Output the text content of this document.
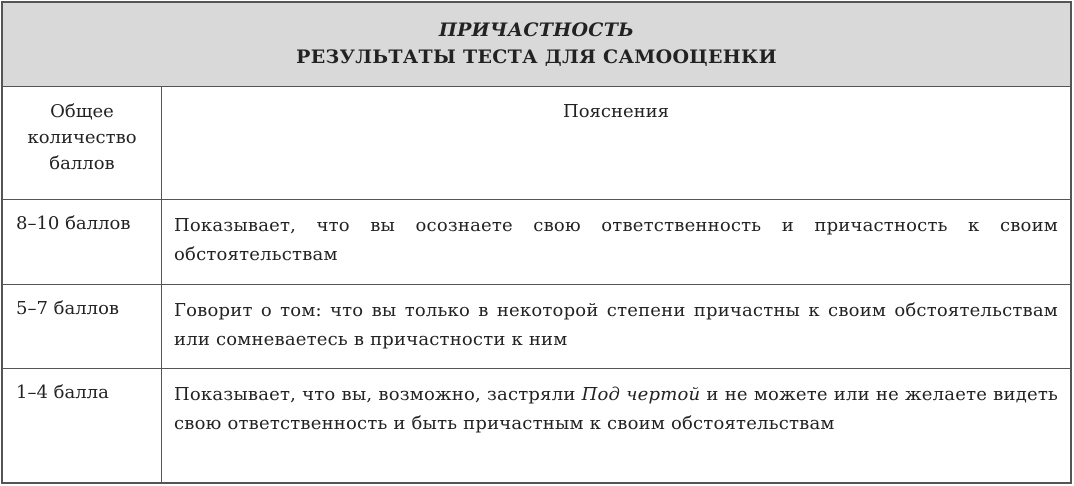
ПРИЧАСТНОСТЬ
РЕЗУЛЬТАТЫ ТЕСТА ДЛЯ САМООЦЕНКИ	

Общее
количество
баллов	Пояснения
8–10 баллов	Показывает, что вы осознаете свою ответственность и причастность к своим обстоятельствам
5–7 баллов	Говорит о том: что вы только в некоторой степени причастны к своим обстоятельствам или сомневаетесь в причастности к ним
1–4 балла	Показывает, что вы, возможно, застряли Под чертой и не можете или не желаете видеть свою ответственность и быть причастным к своим обстоятельствам
